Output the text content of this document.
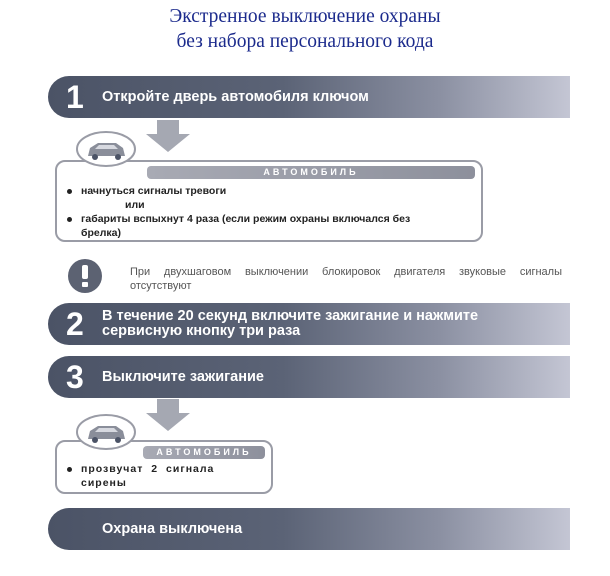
Экстренное выключение охраны
без набора персонального кода
1 Откройте дверь автомобиля ключом
АВТОМОБИЛЬ
начнуться сигналы тревоги
или
габариты вспыхнут 4 раза (если режим охраны включался без
брелка)
При двухшаговом выключении блокировок двигателя звуковые сигналы отсутствуют
2 В течение 20 секунд включите зажигание и нажмите
сервисную кнопку три раза
3 Выключите зажигание
АВТОМОБИЛЬ
прозвучат 2 сигнала
сирены
Охрана выключена
